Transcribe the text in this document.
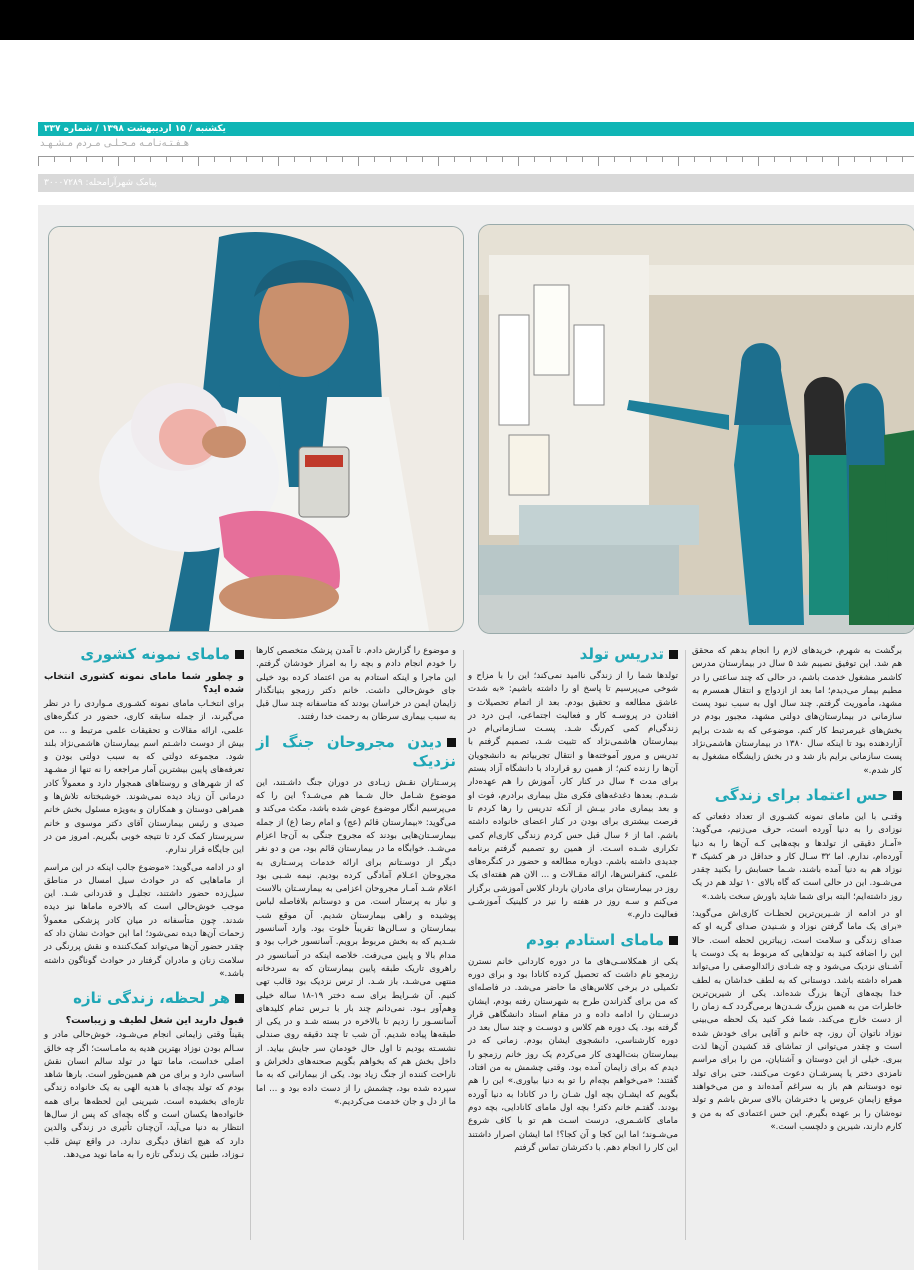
یکشنبه / ۱۵ اردیبهشت ۱۳۹۸ / شماره ۳۳۷
هـفـتـه‌نـامـه مـحـلـی مـردم مـشـهـد
پیامک شهرآرامحله: ۳۰۰۰۷۲۸۹

برگشت به شهرم، خریدهای لازم را انجام بدهم که محقق هم شد. این توفیق نصیبم شد ۵ سال در بیمارستان مدرس کاشمر مشغول خدمت باشم، در حالی که چند ساعتی را در مطبم بیمار می‌دیدم؛ اما بعد از ازدواج و انتقال همسرم به مشهد، مأموریت گرفتم. چند سال اول به سبب نبود پست سازمانی در بیمارستان‌های دولتی مشهد، مجبور بودم در بخش‌های غیرمرتبط کار کنم. موضوعی که به شدت برایم آزاردهنده بود تا اینکه سال ۱۳۸۰ در بیمارستان هاشمی‌نژاد پست سازمانی برایم باز شد و در بخش زایشگاه مشغول به کار شدم.»

حس اعتماد برای زندگی

وقتـی با این مامای نمونه کشـوری از تعداد دفعاتی که نوزادی را به دنیا آورده است، حرف می‌زنیم، می‌گوید: «آمـار دقیقی از تولدها و بچه‌هایی کـه آن‌ها را به دنیا آورده‌ام، ندارم. اما ۳۲ سـال کار و حداقل در هر کشیک ۳ نوزاد هم به دنیا آمده باشند، شـما حسابش را بکنید چقدر می‌شـود. این در حالی است که گاه بالای ۱۰ تولد هم در یک روز داشته‌ایم؛ البته برای شما شاید باورش سخت باشد.»

او در ادامه از شـیرین‌ترین لحظـات کاری‌اش می‌گوید: «برای یک ماما گرفتن نوزاد و شـنیدن صدای گریه او که صدای زندگی و سلامت است، زیباترین لحظه است. حالا این را اضافه کنید به تولدهایی که مربوط به یک دوست یا آشـنای نزدیک می‌شود و چه شـادی زائدالوصفی را می‌تواند همراه داشته باشد. دوستانی که به لطف خداشان به لطف خدا بچه‌های آن‌ها بزرگ شده‌اند. یکی از شیرین‌ترین خاطرات من به همین بزرگ شـدن‌ها برمی‌گردد کـه زمان را از دست خارج می‌کند. شما فکر کنید یک لحظه می‌بینی نوزاد ناتوان آن روز، چه خانم و آقایی برای خودش شده است و چقدر می‌توانی از تماشای قد کشیدن آن‌ها لذت ببری. خیلی از این دوستان و آشنایان، من را برای مراسم نامزدی دختر یا پسرشـان دعوت می‌کنند، حتی برای تولد نوه دوستانم هم باز به سراغم آمده‌اند و من می‌خواهند موقع زایمان عروس یا دخترشان بالای سرش باشم و تولد نوه‌شان را بر عهده بگیرم. این حس اعتمادی که به من و کارم دارند، شیرین و دلچسب است.»

تدریس تولد

تولدها شما را از زندگی ناامید نمی‌کند؛ این را با مزاح و شوخی می‌پرسیم تا پاسخ او را داشته باشیم: «به شدت عاشق مطالعه و تحقیق بودم. بعد از اتمام تحصیلات و افتادن در پروسـه کار و فعالیت اجتماعی، ایـن درد در زندگی‌ام کمی کم‌رنگ شـد. پسـت سـازمانی‌ام در بیمارستان هاشمی‌نژاد که تثبیت شـد، تصمیم گرفتم با تدریس و مرور آموخته‌ها و انتقال تجربیاتم به دانشجویان آن‌ها را زنده کنم؛ از همین رو قرارداد با دانشگاه آزاد بستم برای مدت ۴ سال در کنار کار، آموزش را هم عهده‌دار شـدم. بعدها دغدغه‌های فکری مثل بیماری برادرم، فوت او و بعد بیماری مادر بیـش از آنکه تدریس را رها کردم تا فرصت بیشتری برای بودن در کنار اعضای خانواده داشته باشم. اما از ۶ سال قبل حس کردم زندگی کاری‌ام کمی تکراری شـده اسـت. از همین رو تصمیم گرفتم برنامه جدیدی داشته باشم. دوباره مطالعه و حضور در کنگره‌های علمی، کنفرانس‌ها، ارائه مقـالات و ... الان هم هفته‌ای یک روز در بیمارستان برای مادران باردار کلاس آموزشی برگزار می‌کنم و سـه روز در هفته را نیز در کلینیک آموزشـی فعالیت دارم.»

مامای استادم بودم

یکی از همکلاسـی‌های ما در دوره کاردانی خانم نسترن رزمجو نام داشت که تحصیل کرده کانادا بود و برای دوره تکمیلی در برخی کلاس‌های ما حاضر می‌شد. در فاصله‌ای که من برای گذراندن طرح به شهرستان رفته بودم، ایشان درسـتان را ادامه داده و در مقام استاد دانشگاهی قرار گرفته بود. یک دوره هم کلاس و دوسـت و چند سال بعد در دوره کارشناسی، دانشجوی ایشان بودم. زمانی که در بیمارستان بنت‌الهدی کار می‌کردم یک روز خانم رزمجو را دیدم که برای زایمان آمده بود. وقتی چشمش به من افتاد، گفتند: «می‌خواهم بچه‌ام را تو به دنیا بیاوری.» این را هم بگویم که ایشـان بچه اول شـان را در کانادا به دنیا آورده بودند. گفتـم خانم دکتر! بچه اول مامای کانادایی، بچه دوم مامای کاشـمری، درست اسـت هم تو با کاف شروع می‌شـوند؛ اما این کجا و آن کجا؟! اما ایشان اصرار داشتند این کار را انجام دهم. با دکترشان تماس گرفتم

و موضوع را گزارش دادم. تا آمدن پزشک متخصص کارها را خودم انجام دادم و بچه را به امراز خودشان گرفتم. این ماجرا و اینکه استادم به من اعتماد کرده بود خیلی جای خوش‌حالی داشت. خانم دکتر رزمجو بنیانگذار زایمان ایمن در خراسان بودند که متاسفانه چند سال قبل به سبب بیماری سرطان به رحمت خدا رفتند.

دیدن مجروحان جنگ از نزدیک

پرسـتاران نقـش زیـادی در دوران جنگ داشـتند، این موضوع شـامل حال شـما هم می‌شـد؟ این را که می‌پرسیم انگار موضوع عوض شده باشد، مکث می‌کند و می‌گوید: «بیمارستان قائم (عج) و امام رضا (ع) از جمله بیمارسـتان‌هایی بودند که مجروح جنگی به آن‌جا اعزام می‌شـد. خوابگاه ما در بیمارستان قائم بود، من و دو نفر دیگر از دوسـتانم برای ارائه خدمات پرسـتاری به مجروحان اعـلام آمادگی کرده بودیم. نیمه شـبی بود اعلام شـد آمـار مجروحان اعزامی به بیمارسـتان بالاست و نیاز به پرستار است. من و دوستانم بلافاصله لباس پوشیده و راهی بیمارستان شدیم. آن موقع شب بیمارستان و سـالن‌ها تقریباً خلوت بود. وارد آسانسور شـدیم که به بخش مربوط برویم. آسانسور خراب بود و مدام بالا و پایین می‌رفت. خلاصه اینکه در آسانسور در راهروی تاریک طبقه پایین بیمارستان که به سردخانه منتهی می‌شـد، باز شـد. از ترس نزدیک بود قالب تهی کنیم. آن شـرایط برای سـه دختر ۱۹-۱۸ ساله خیلی وهم‌آور بـود. نمی‌دانم چند بار با تـرس تمام کلیدهای آسانسـور را زدیم تا بالاخره در بسته شـد و در یکی از طبقه‌ها پیاده شدیم. آن شب تا چند دقیقه روی صندلی نشسـته بودیم تا اول حال خودمان سر جایش بیاید. از داخل بخش هم که بخواهم بگویم صحنه‌های دلخراش و ناراحت کننده از جنگ زیاد بود. یکی از بیمارانی که به ما سپرده شده بود، چشمش را از دست داده بود و ... اما ما از دل و جان خدمت می‌کردیم.»

مامای نمونه کشوری
و چطور شما مامای نمونه کشوری انتخاب شده اید؟

برای انتخـاب مامای نمونه کشـوری مـواردی را در نظر می‌گیرند، از جمله سابقه کاری، حضور در کنگره‌های علمی، ارائه مقالات و تحقیقات علمی مرتبط و ... من بیش از دوست داشـتم اسم بیمارستان هاشمی‌نژاد بلند شود. مجموعه دولتی که به سبب دولتی بودن و تعرفه‌های پایین بیشترین آمار مراجعه را نه تنها از مشـهد که از شهرهای و روستاهای همجوار دارد و معمولاً کادر درمانی آن زیاد دیده نمی‌شوند. خوشبختانه تلاش‌ها و همراهی دوستان و همکاران و به‌ویژه مسئول بخش خانم صیدی و رئیس بیمارستان آقای دکتر موسوی و خانم سرپرستار کمک کرد تا نتیجه خوبی بگیریم. امروز من در این جایگاه قرار ندارم.

او در ادامه می‌گوید: «موضوع جالب اینکه در این مراسم از ماماهایی که در حوادث سیل امسال در مناطق سیل‌زده حضور داشتند، تجلیـل و قدردانی شـد. این موجب خوش‌حالی است که بالاخره ماماها نیز دیده شدند. چون متأسفانه در میان کادر پزشکی معمولاً زحمات آن‌ها دیده نمی‌شود؛ اما این حوادث نشان داد که چقدر حضور آن‌ها می‌تواند کمک‌کننده و نقش پررنگی در سلامت زنان و مادران گرفتار در حوادث گوناگون داشته باشد.»

هر لحظه، زندگی تازه
قبول دارید این شغل لطیف و زیباست؟

یقیناً وقتی زایمانی انجام می‌شـود، خوش‌حالی مادر و سـالم بودن نوزاد بهترین هدیه به مامـاست؛ اگر چه خالق اصلی خداست، ماما تنها در تولد سالم انسان نقش اساسی دارد و برای من هم همین‌طور است. بارها شاهد بودم که تولد بچه‌ای با هدیه الهی به یک خانواده زندگی تازه‌ای بخشیده است. شیرینی این لحظه‌ها برای همه خانواده‌ها یکسان است و گاه بچه‌ای که پس از سال‌ها انتظار به دنیا می‌آید، آن‌چنان تأثیری در زندگی والدین دارد که هیچ اتفاق دیگری ندارد. در واقع تپش قلب نـوزاد، طنین یک زندگی تازه را به ماما نوید می‌دهد.
